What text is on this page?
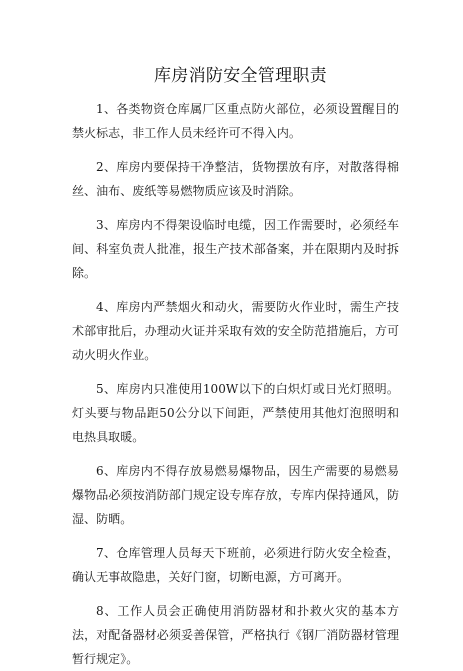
库房消防安全管理职责

1、各类物资仓库属厂区重点防火部位，必须设置醒目的禁火标志，非工作人员未经许可不得入内。

2、库房内要保持干净整洁，货物摆放有序，对散落得棉丝、油布、废纸等易燃物质应该及时消除。

3、库房内不得架设临时电缆，因工作需要时，必须经车间、科室负责人批准，报生产技术部备案，并在限期内及时拆除。

4、库房内严禁烟火和动火，需要防火作业时，需生产技术部审批后，办理动火证并采取有效的安全防范措施后，方可动火明火作业。

5、库房内只准使用100W以下的白炽灯或日光灯照明。灯头要与物品距50公分以下间距，严禁使用其他灯泡照明和电热具取暖。

6、库房内不得存放易燃易爆物品，因生产需要的易燃易爆物品必须按消防部门规定设专库存放，专库内保持通风，防湿、防晒。

7、仓库管理人员每天下班前，必须进行防火安全检查，确认无事故隐患，关好门窗，切断电源，方可离开。

8、工作人员会正确使用消防器材和扑救火灾的基本方法，对配备器材必须妥善保管，严格执行《钢厂消防器材管理暂行规定》。
